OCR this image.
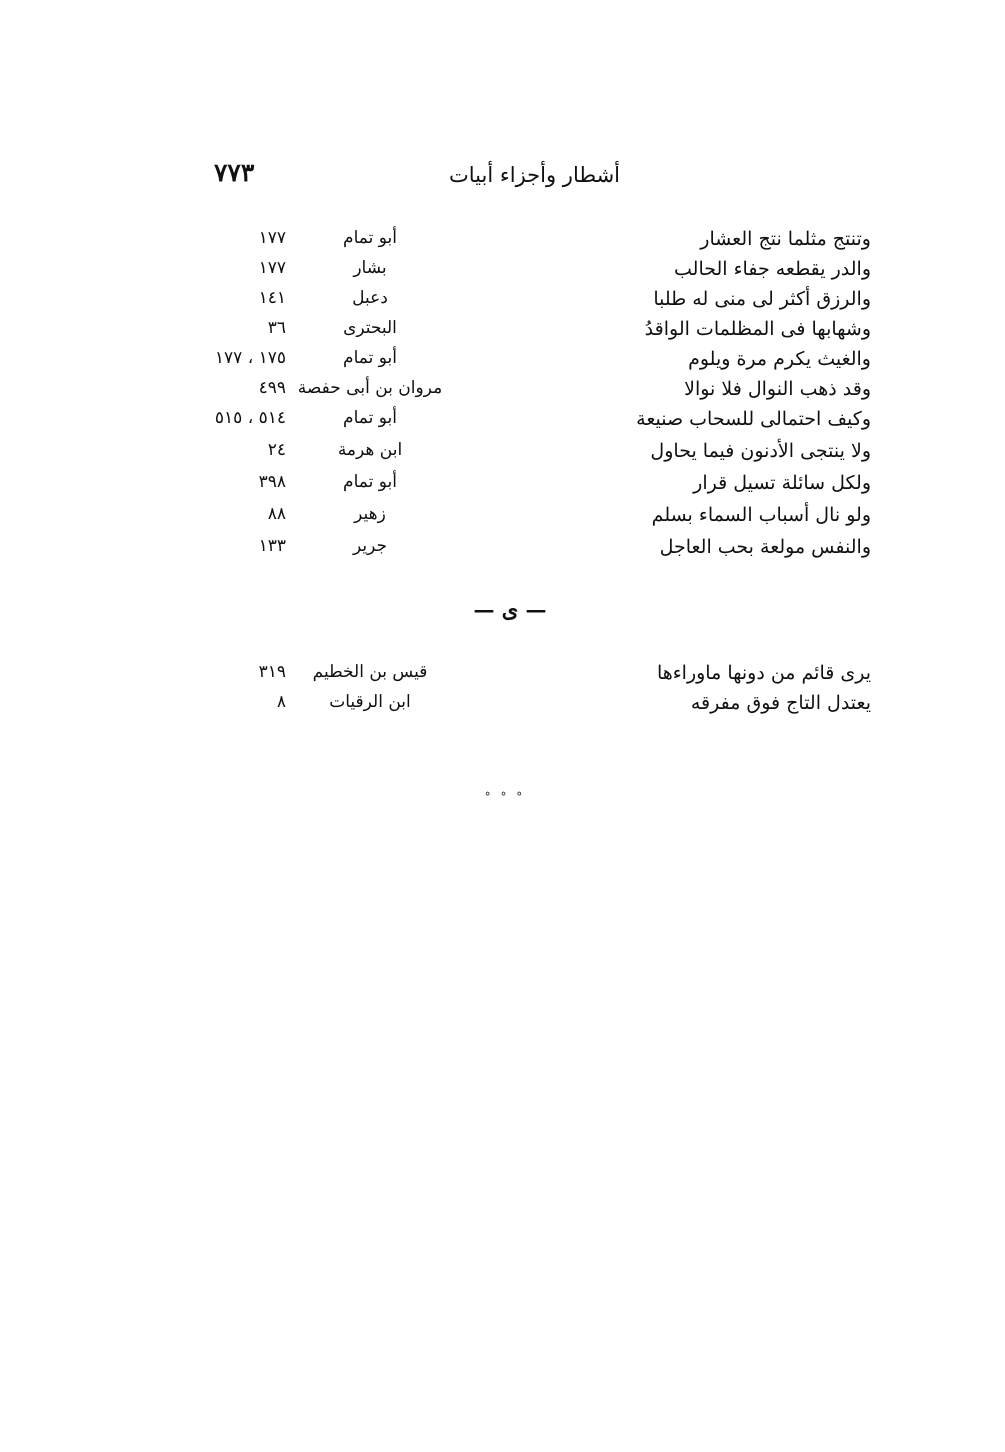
أشطار وأجزاء أبيات
٧٧٣
وتنتج مثلما نتج العشار
أبو تمام
١٧٧
والدر يقطعه جفاء الحالب
بشار
١٧٧
والرزق أكثر لى منى له طلبا
دعبل
١٤١
وشهابها فى المظلمات الواقدُ
البحترى
٣٦
والغيث يكرم مرة ويلوم
أبو تمام
١٧٥ ، ١٧٧
وقد ذهب النوال فلا نوالا
مروان بن أبى حفصة
٤٩٩
وكيف احتمالى للسحاب صنيعة
أبو تمام
٥١٤ ، ٥١٥
ولا ينتجى الأدنون فيما يحاول
ابن هرمة
٢٤
ولكل سائلة تسيل قرار
أبو تمام
٣٩٨
ولو نال أسباب السماء بسلم
زهير
٨٨
والنفس مولعة بحب العاجل
جرير
١٣٣
— ى —
يرى قائم من دونها ماوراءها
قيس بن الخطيم
٣١٩
يعتدل التاج فوق مفرقه
ابن الرقيات
٨
° ° °
